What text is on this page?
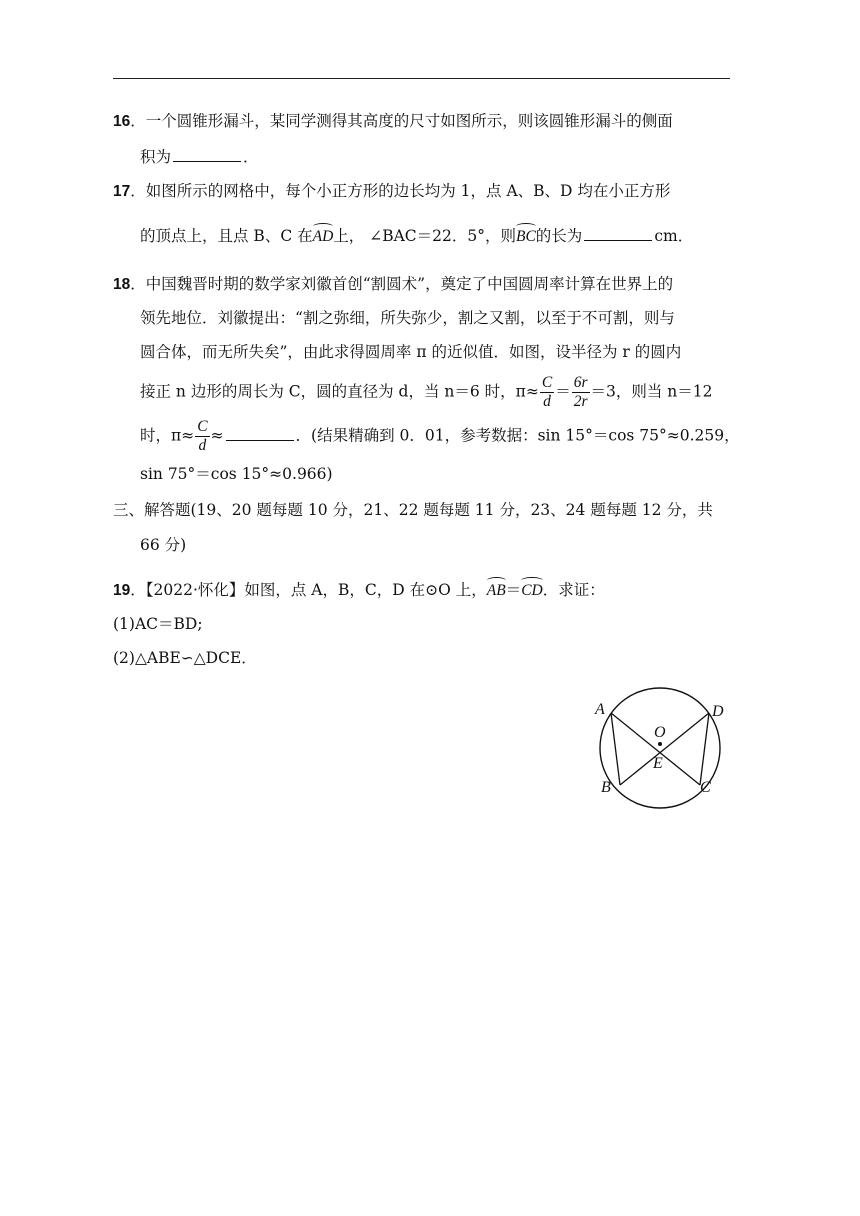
16．一个圆锥形漏斗，某同学测得其高度的尺寸如图所示，则该圆锥形漏斗的侧面
积为	．
17．如图所示的网格中，每个小正方形的边长均为 1，点 A、B、D 均在小正方形
的顶点上，且点 B、C 在AD上， ∠BAC＝22．5°，则BC的长为	cm．
18．中国魏晋时期的数学家刘徽首创“割圆术”，奠定了中国圆周率计算在世界上的
领先地位．刘徽提出：“割之弥细，所失弥少，割之又割，以至于不可割，则与
圆合体，而无所失矣”，由此求得圆周率 π 的近似值．如图，设半径为 r 的圆内
接正 n 边形的周长为 C，圆的直径为 d，当 n＝6 时，$\pi\approx \frac{C}{d} = \frac{6r}{2r} =3$，则当 n＝12
时，$\pi\approx \frac{C}{d}$ ≈	．(结果精确到 0．01，参考数据：sin 15°＝cos 75°≈0.259，
sin 75°＝cos 15°≈0.966)
三、解答题(19、20 题每题 10 分，21、22 题每题 11 分，23、24 题每题 12 分，共
66 分)
19．【2022·怀化】如图，点 A，B，C，D 在⊙O 上，AB＝CD．求证：
(1)AC＝BD;
(2)△ABE∽△DCE．
A	D
O
E
B	C
